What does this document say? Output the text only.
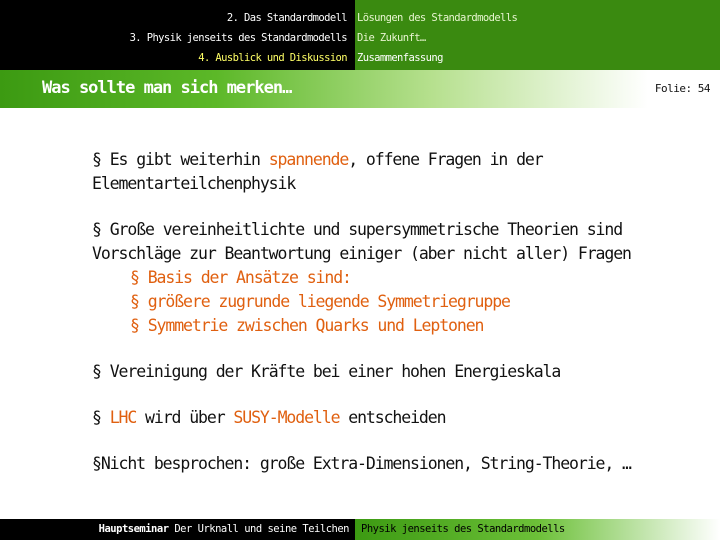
2. Das Standardmodell
3. Physik jenseits des Standardmodells
4. Ausblick und Diskussion
Lösungen des Standardmodells
Die Zukunft…
Zusammenfassung
Was sollte man sich merken…	Folie: 54
§ Es gibt weiterhin spannende, offene Fragen in der
Elementarteilchenphysik
§ Große vereinheitlichte und supersymmetrische Theorien sind
Vorschläge zur Beantwortung einiger (aber nicht aller) Fragen
§ Basis der Ansätze sind:
§ größere zugrunde liegende Symmetriegruppe
§ Symmetrie zwischen Quarks und Leptonen
§ Vereinigung der Kräfte bei einer hohen Energieskala
§ LHC wird über SUSY-Modelle entscheiden
§Nicht besprochen: große Extra-Dimensionen, String-Theorie, …
Hauptseminar Der Urknall und seine Teilchen	Physik jenseits des Standardmodells
